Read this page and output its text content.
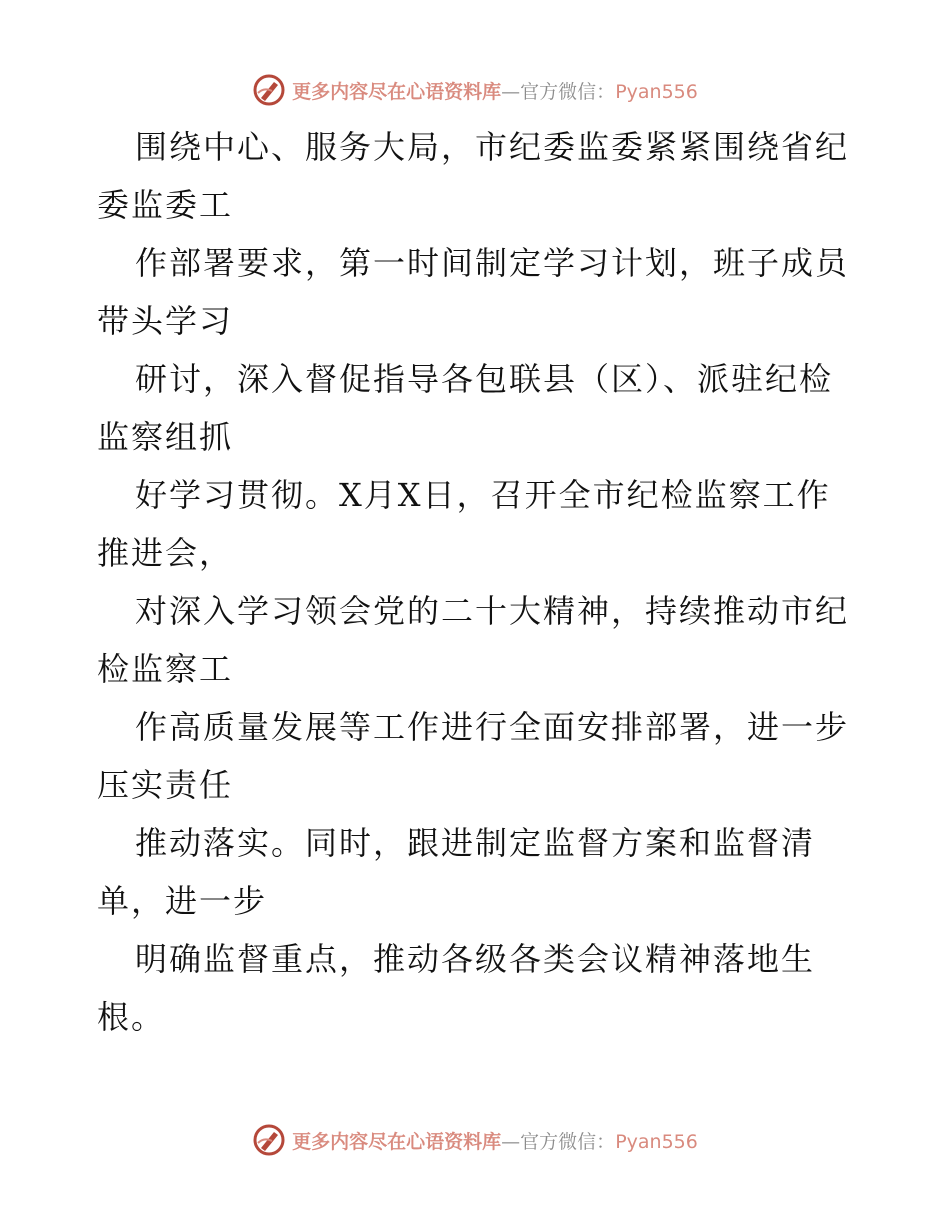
更多内容尽在心语资料库—官方微信：Pyan556

围绕中心、服务大局，市纪委监委紧紧围绕省纪委监委工

作部署要求，第一时间制定学习计划，班子成员带头学习

研讨，深入督促指导各包联县（区）、派驻纪检监察组抓

好学习贯彻。X月X日，召开全市纪检监察工作推进会，

对深入学习领会党的二十大精神，持续推动市纪检监察工

作高质量发展等工作进行全面安排部署，进一步压实责任

推动落实。同时，跟进制定监督方案和监督清单，进一步

明确监督重点，推动各级各类会议精神落地生根。

更多内容尽在心语资料库—官方微信：Pyan556
